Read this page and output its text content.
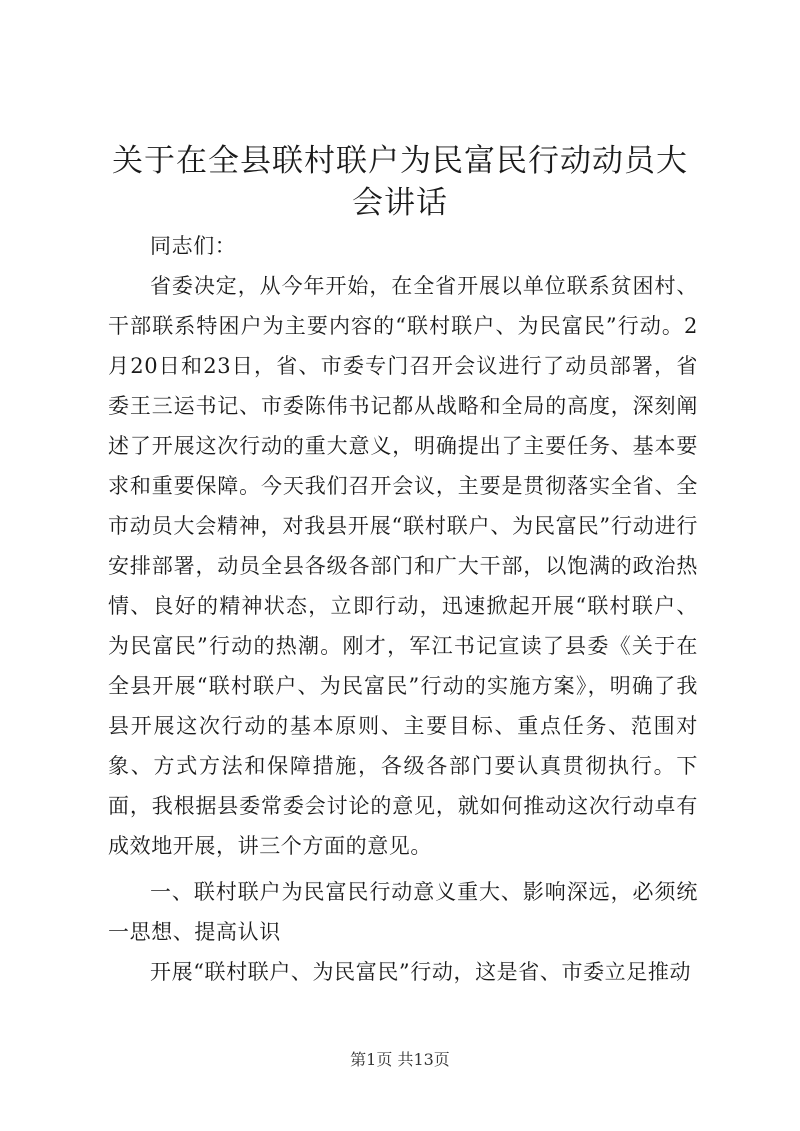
关于在全县联村联户为民富民行动动员大会讲话

同志们：

省委决定，从今年开始，在全省开展以单位联系贫困村、干部联系特困户为主要内容的“联村联户、为民富民”行动。2月20日和23日，省、市委专门召开会议进行了动员部署，省委王三运书记、市委陈伟书记都从战略和全局的高度，深刻阐述了开展这次行动的重大意义，明确提出了主要任务、基本要求和重要保障。今天我们召开会议，主要是贯彻落实全省、全市动员大会精神，对我县开展“联村联户、为民富民”行动进行安排部署，动员全县各级各部门和广大干部，以饱满的政治热情、良好的精神状态，立即行动，迅速掀起开展“联村联户、为民富民”行动的热潮。刚才，军江书记宣读了县委《关于在全县开展“联村联户、为民富民”行动的实施方案》，明确了我县开展这次行动的基本原则、主要目标、重点任务、范围对象、方式方法和保障措施，各级各部门要认真贯彻执行。下面，我根据县委常委会讨论的意见，就如何推动这次行动卓有成效地开展，讲三个方面的意见。

一、联村联户为民富民行动意义重大、影响深远，必须统一思想、提高认识

开展“联村联户、为民富民”行动，这是省、市委立足推动

第1页 共13页
